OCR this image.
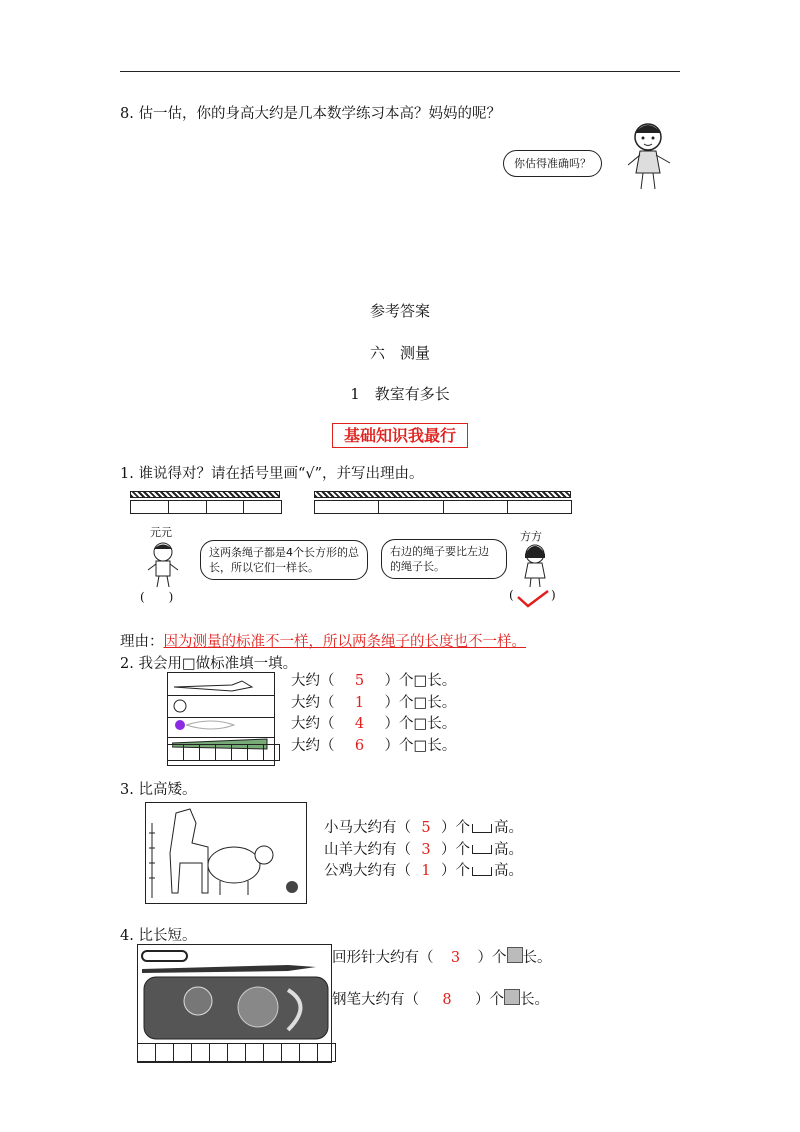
8. 估一估，你的身高大约是几本数学练习本高？妈妈的呢？
你估得准确吗？
参考答案
六　测量
1　教室有多长
基础知识我最行
1. 谁说得对？请在括号里画“√”，并写出理由。
元元
这两条绳子都是4个长方形的总长，所以它们一样长。
(　　)
方方
右边的绳子要比左边的绳子长。
(	)
理由：因为测量的标准不一样，所以两条绳子的长度也不一样。
2. 我会用□做标准填一填。
大约（ 5 ）个□长。
大约（ 1 ）个□长。
大约（ 4 ）个□长。
大约（ 6 ）个□长。
3. 比高矮。
小马大约有（ 5 ）个 高。
山羊大约有（ 3 ）个 高。
公鸡大约有（ 1 ）个 高。
4. 比长短。
回形针大约有（ 3 ）个 长。
钢笔大约有（ 8 ）个 长。
